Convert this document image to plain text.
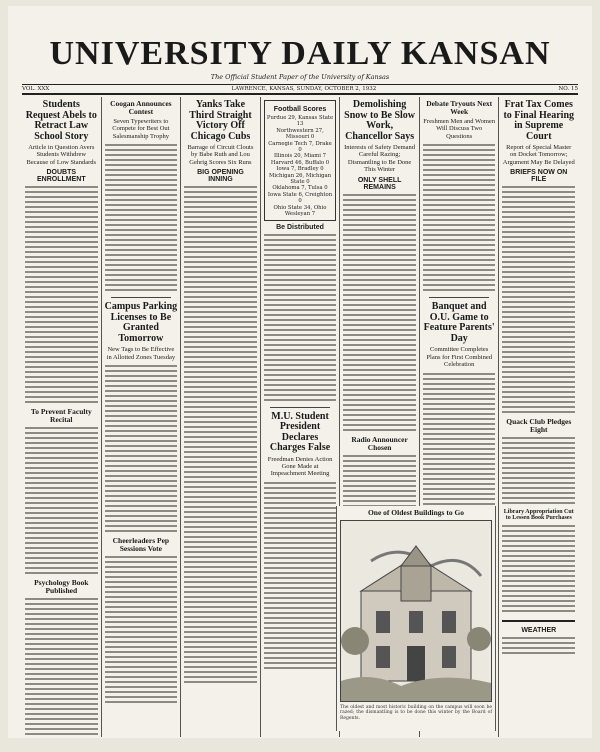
UNIVERSITY DAILY KANSAN
The Official Student Paper of the University of Kansas
VOL. XXX	LAWRENCE, KANSAS, SUNDAY, OCTOBER 2, 1932	NO. 15
Students Request Abels to Retract Law School Story
Article in Question Avers Students Withdrew Because of Low Standards
DOUBTS ENROLLMENT
To Prevent Faculty Recital
Psychology Book Published
Coogan Announces Contest
Seven Typewriters to Compete for Best Out Salesmanship Trophy
Campus Parking Licenses to Be Granted Tomorrow
New Tags to Be Effective in Allotted Zones Tuesday
Cheerleaders Pep Sessions Vote
Yanks Take Third Straight Victory Off Chicago Cubs
Barrage of Circuit Clouts by Babe Ruth and Lou Gehrig Scores Six Runs
BIG OPENING INNING
Football Scores
Purdue 29, Kansas State 13
Northwestern 27, Missouri 0
Carnegie Tech 7, Drake 0
Illinois 20, Miami 7
Harvard 46, Buffalo 0
Iowa 7, Bradley 0
Michigan 26, Michigan State 0
Oklahoma 7, Tulsa 0
Iowa State 6, Creighton 0
Ohio State 34, Ohio Wesleyan 7
Be Distributed
M.U. Student President Declares Charges False
Freedman Denies Action Gone Made at Impeachment Meeting
Demolishing Snow to Be Slow Work, Chancellor Says
Interests of Safety Demand Careful Razing; Dismantling to Be Done This Winter
ONLY SHELL REMAINS
Radio Announcer Chosen
Debate Tryouts Next Week
Freshmen Men and Women Will Discuss Two Questions
Banquet and O.U. Game to Feature Parents' Day
Committee Completes Plans for First Combined Celebration
Frat Tax Comes to Final Hearing in Supreme Court
Report of Special Master on Docket Tomorrow; Argument May Be Delayed
BRIEFS NOW ON FILE
Quack Club Pledges Eight
Library Appropriation Cut to Lessen Book Purchases
WEATHER
One of Oldest Buildings to Go
The oldest and most historic building on the campus will soon be razed; the dismantling is to be done this winter by the Board of Regents.
